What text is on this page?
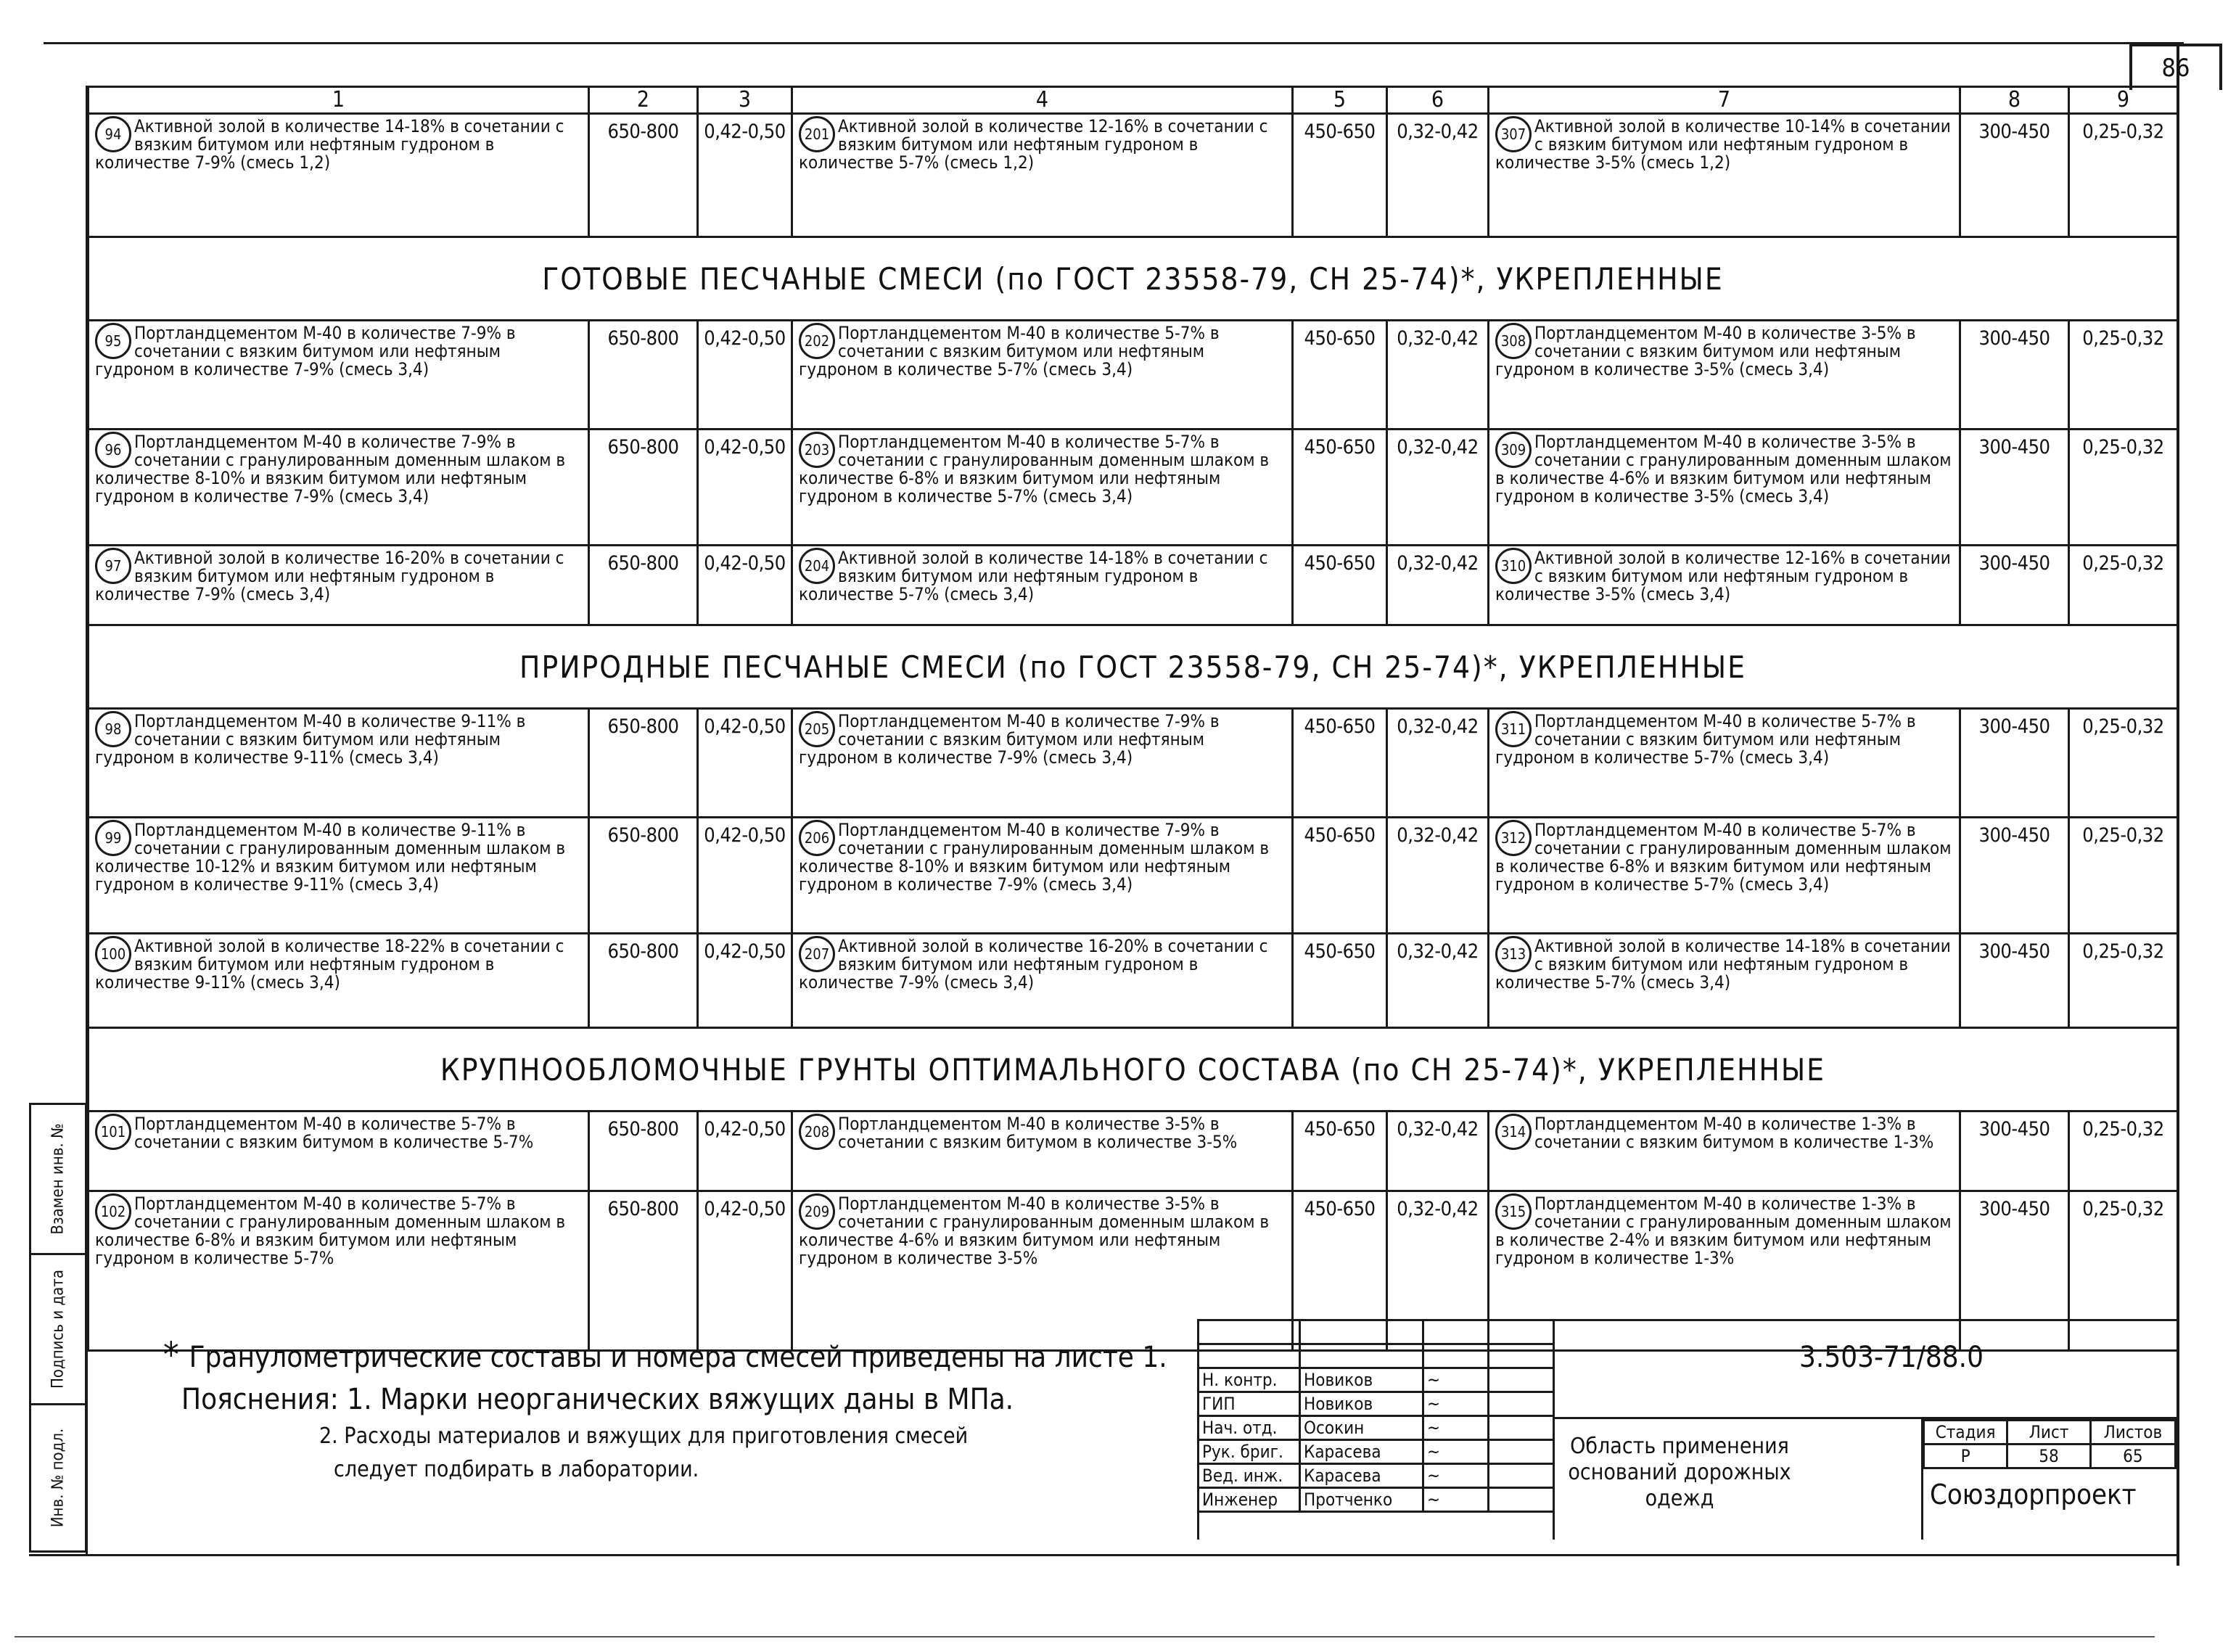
86
1	2	3	4	5	6	7	8	9

94 Активной золой в количестве 14-18% в сочетании с вязким битумом или нефтяным гудроном в количестве 7-9% (смесь 1,2)	650-800	0,42-0,50	201 Активной золой в количестве 12-16% в сочетании с вязким битумом или нефтяным гудроном в количестве 5-7% (смесь 1,2)	450-650	0,32-0,42	307 Активной золой в количестве 10-14% в сочетании с вязким битумом или нефтяным гудроном в количестве 3-5% (смесь 1,2)	300-450	0,25-0,32

ГОТОВЫЕ ПЕСЧАНЫЕ СМЕСИ (по ГОСТ 23558-79, СН 25-74)*, УКРЕПЛЕННЫЕ								

95 Портландцементом М-40 в количестве 7-9% в сочетании с вязким битумом или нефтяным гудроном в количестве 7-9% (смесь 3,4)	650-800	0,42-0,50	202 Портландцементом М-40 в количестве 5-7% в сочетании с вязким битумом или нефтяным гудроном в количестве 5-7% (смесь 3,4)	450-650	0,32-0,42	308 Портландцементом М-40 в количестве 3-5% в сочетании с вязким битумом или нефтяным гудроном в количестве 3-5% (смесь 3,4)	300-450	0,25-0,32

96 Портландцементом М-40 в количестве 7-9% в сочетании с гранулированным доменным шлаком в количестве 8-10% и вязким битумом или нефтяным гудроном в количестве 7-9% (смесь 3,4)	650-800	0,42-0,50	203 Портландцементом М-40 в количестве 5-7% в сочетании с гранулированным доменным шлаком в количестве 6-8% и вязким битумом или нефтяным гудроном в количестве 5-7% (смесь 3,4)	450-650	0,32-0,42	309 Портландцементом М-40 в количестве 3-5% в сочетании с гранулированным доменным шлаком в количестве 4-6% и вязким битумом или нефтяным гудроном в количестве 3-5% (смесь 3,4)	300-450	0,25-0,32

97 Активной золой в количестве 16-20% в сочетании с вязким битумом или нефтяным гудроном в количестве 7-9% (смесь 3,4)	650-800	0,42-0,50	204 Активной золой в количестве 14-18% в сочетании с вязким битумом или нефтяным гудроном в количестве 5-7% (смесь 3,4)	450-650	0,32-0,42	310 Активной золой в количестве 12-16% в сочетании с вязким битумом или нефтяным гудроном в количестве 3-5% (смесь 3,4)	300-450	0,25-0,32

ПРИРОДНЫЕ ПЕСЧАНЫЕ СМЕСИ (по ГОСТ 23558-79, СН 25-74)*, УКРЕПЛЕННЫЕ								

98 Портландцементом М-40 в количестве 9-11% в сочетании с вязким битумом или нефтяным гудроном в количестве 9-11% (смесь 3,4)	650-800	0,42-0,50	205 Портландцементом М-40 в количестве 7-9% в сочетании с вязким битумом или нефтяным гудроном в количестве 7-9% (смесь 3,4)	450-650	0,32-0,42	311 Портландцементом М-40 в количестве 5-7% в сочетании с вязким битумом или нефтяным гудроном в количестве 5-7% (смесь 3,4)	300-450	0,25-0,32

99 Портландцементом М-40 в количестве 9-11% в сочетании с гранулированным доменным шлаком в количестве 10-12% и вязким битумом или нефтяным гудроном в количестве 9-11% (смесь 3,4)	650-800	0,42-0,50	206 Портландцементом М-40 в количестве 7-9% в сочетании с гранулированным доменным шлаком в количестве 8-10% и вязким битумом или нефтяным гудроном в количестве 7-9% (смесь 3,4)	450-650	0,32-0,42	312 Портландцементом М-40 в количестве 5-7% в сочетании с гранулированным доменным шлаком в количестве 6-8% и вязким битумом или нефтяным гудроном в количестве 5-7% (смесь 3,4)	300-450	0,25-0,32

100 Активной золой в количестве 18-22% в сочетании с вязким битумом или нефтяным гудроном в количестве 9-11% (смесь 3,4)	650-800	0,42-0,50	207 Активной золой в количестве 16-20% в сочетании с вязким битумом или нефтяным гудроном в количестве 7-9% (смесь 3,4)	450-650	0,32-0,42	313 Активной золой в количестве 14-18% в сочетании с вязким битумом или нефтяным гудроном в количестве 5-7% (смесь 3,4)	300-450	0,25-0,32

КРУПНООБЛОМОЧНЫЕ ГРУНТЫ ОПТИМАЛЬНОГО СОСТАВА (по СН 25-74)*, УКРЕПЛЕННЫЕ								

101 Портландцементом М-40 в количестве 5-7% в сочетании с вязким битумом в количестве 5-7%	650-800	0,42-0,50	208 Портландцементом М-40 в количестве 3-5% в сочетании с вязким битумом в количестве 3-5%	450-650	0,32-0,42	314 Портландцементом М-40 в количестве 1-3% в сочетании с вязким битумом в количестве 1-3%	300-450	0,25-0,32

102 Портландцементом М-40 в количестве 5-7% в сочетании с гранулированным доменным шлаком в количестве 6-8% и вязким битумом или нефтяным гудроном в количестве 5-7%	650-800	0,42-0,50	209 Портландцементом М-40 в количестве 3-5% в сочетании с гранулированным доменным шлаком в количестве 4-6% и вязким битумом или нефтяным гудроном в количестве 3-5%	450-650	0,32-0,42	315 Портландцементом М-40 в количестве 1-3% в сочетании с гранулированным доменным шлаком в количестве 2-4% и вязким битумом или нефтяным гудроном в количестве 1-3%	300-450	0,25-0,32
Взамен инв. №
Подпись и дата
Инв. № подл.
* Гранулометрические составы и номера смесей приведены на листе 1.
Пояснения: 1. Марки неорганических вяжущих даны в МПа.
2. Расходы материалов и вяжущих для приготовления смесей
следует подбирать в лаборатории.

Н. контр.	Новиков	~	
ГИП	Новиков	~	
Нач. отд.	Осокин	~	
Рук. бриг.	Карасева	~	
Вед. инж.	Карасева	~	
Инженер	Протченко	~	
3.503-71/88.0
Область применения оснований дорожных одежд
Стадия	Лист	Листов
Р	58	65
Союздорпроект
